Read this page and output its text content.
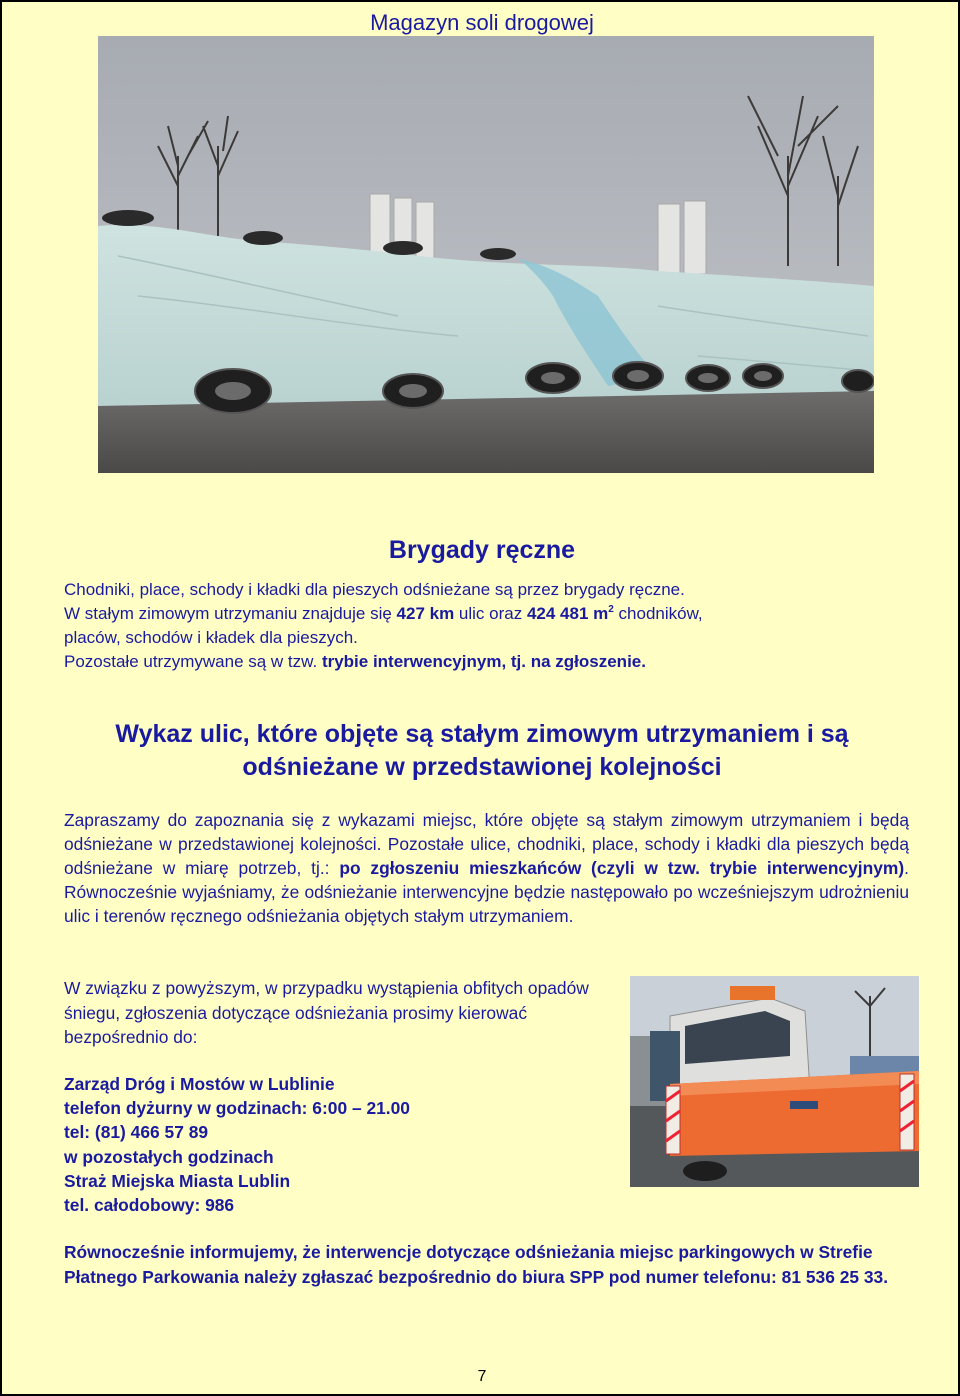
Magazyn soli drogowej
Brygady ręczne
Chodniki, place, schody i kładki dla pieszych odśnieżane są przez brygady ręczne.
W stałym zimowym utrzymaniu znajduje się 427 km ulic oraz 424 481 $m^2$ chodników,
placów, schodów i kładek dla pieszych.
Pozostałe utrzymywane są w tzw. trybie interwencyjnym, tj. na zgłoszenie.
Wykaz ulic, które objęte są stałym zimowym utrzymaniem i są
odśnieżane w przedstawionej kolejności

Zapraszamy do zapoznania się z wykazami miejsc, które objęte są stałym zimowym utrzymaniem i będą odśnieżane w przedstawionej kolejności. Pozostałe ulice, chodniki, place, schody i kładki dla pieszych będą odśnieżane w miarę potrzeb, tj.: po zgłoszeniu mieszkańców (czyli w tzw. trybie interwencyjnym). Równocześnie wyjaśniamy, że odśnieżanie interwencyjne będzie następowało po wcześniejszym udrożnieniu ulic i terenów ręcznego odśnieżania objętych stałym utrzymaniem.

W związku z powyższym, w przypadku wystąpienia obfitych opadów śniegu, zgłoszenia dotyczące odśnieżania prosimy kierować bezpośrednio do:
Zarząd Dróg i Mostów w Lublinie
telefon dyżurny w godzinach: 6:00 – 21.00
tel: (81) 466 57 89
w pozostałych godzinach
Straż Miejska Miasta Lublin
tel. całodobowy: 986
Równocześnie informujemy, że interwencje dotyczące odśnieżania miejsc parkingowych w Strefie Płatnego Parkowania należy zgłaszać bezpośrednio do biura SPP pod numer telefonu: 81 536 25 33.
7
